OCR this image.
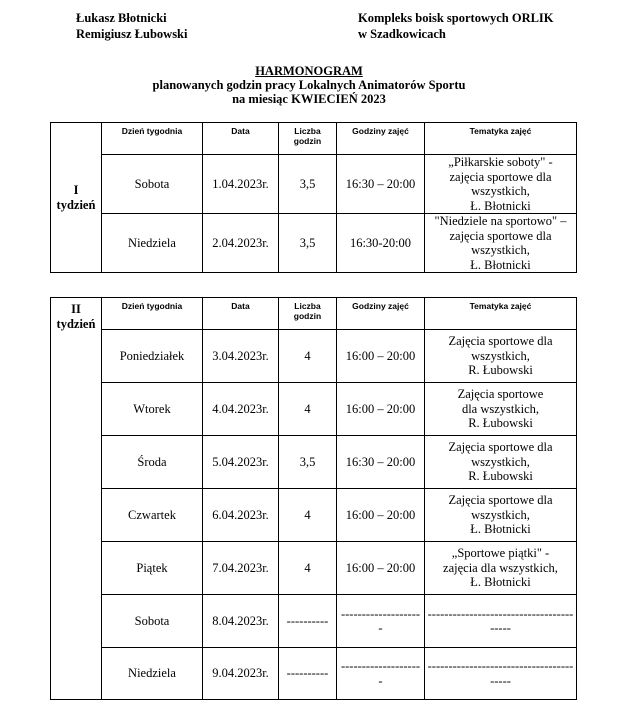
Łukasz Błotnicki
Remigiusz Łubowski
Kompleks boisk sportowych ORLIK
w Szadkowicach
HARMONOGRAM
planowanych godzin pracy Lokalnych Animatorów Sportu
na miesiąc KWIECIEŃ 2023
I
tydzień	Dzień tygodnia	Data	Liczba godzin	Godziny zajęć	Tematyka zajęć
	Sobota	1.04.2023r.	3,5	16:30 – 20:00	„Piłkarskie soboty" -
zajęcia sportowe dla
wszystkich,
Ł. Błotnicki
	Niedziela	2.04.2023r.	3,5	16:30-20:00	"Niedziele na sportowo" –
zajęcia sportowe dla
wszystkich,
Ł. Błotnicki
II
tydzień	Dzień tygodnia	Data	Liczba godzin	Godziny zajęć	Tematyka zajęć
	Poniedziałek	3.04.2023r.	4	16:00 – 20:00	Zajęcia sportowe dla
wszystkich,
R. Łubowski
	Wtorek	4.04.2023r.	4	16:00 – 20:00	Zajęcia sportowe
dla wszystkich,
R. Łubowski
	Środa	5.04.2023r.	3,5	16:30 – 20:00	Zajęcia sportowe dla
wszystkich,
R. Łubowski
	Czwartek	6.04.2023r.	4	16:00 – 20:00	Zajęcia sportowe dla
wszystkich,
Ł. Błotnicki
	Piątek	7.04.2023r.	4	16:00 – 20:00	„Sportowe piątki" -
zajęcia dla wszystkich,
Ł. Błotnicki
	Sobota	8.04.2023r.	----------	--------------------	----------------------------------------
	Niedziela	9.04.2023r.	----------	--------------------	----------------------------------------
